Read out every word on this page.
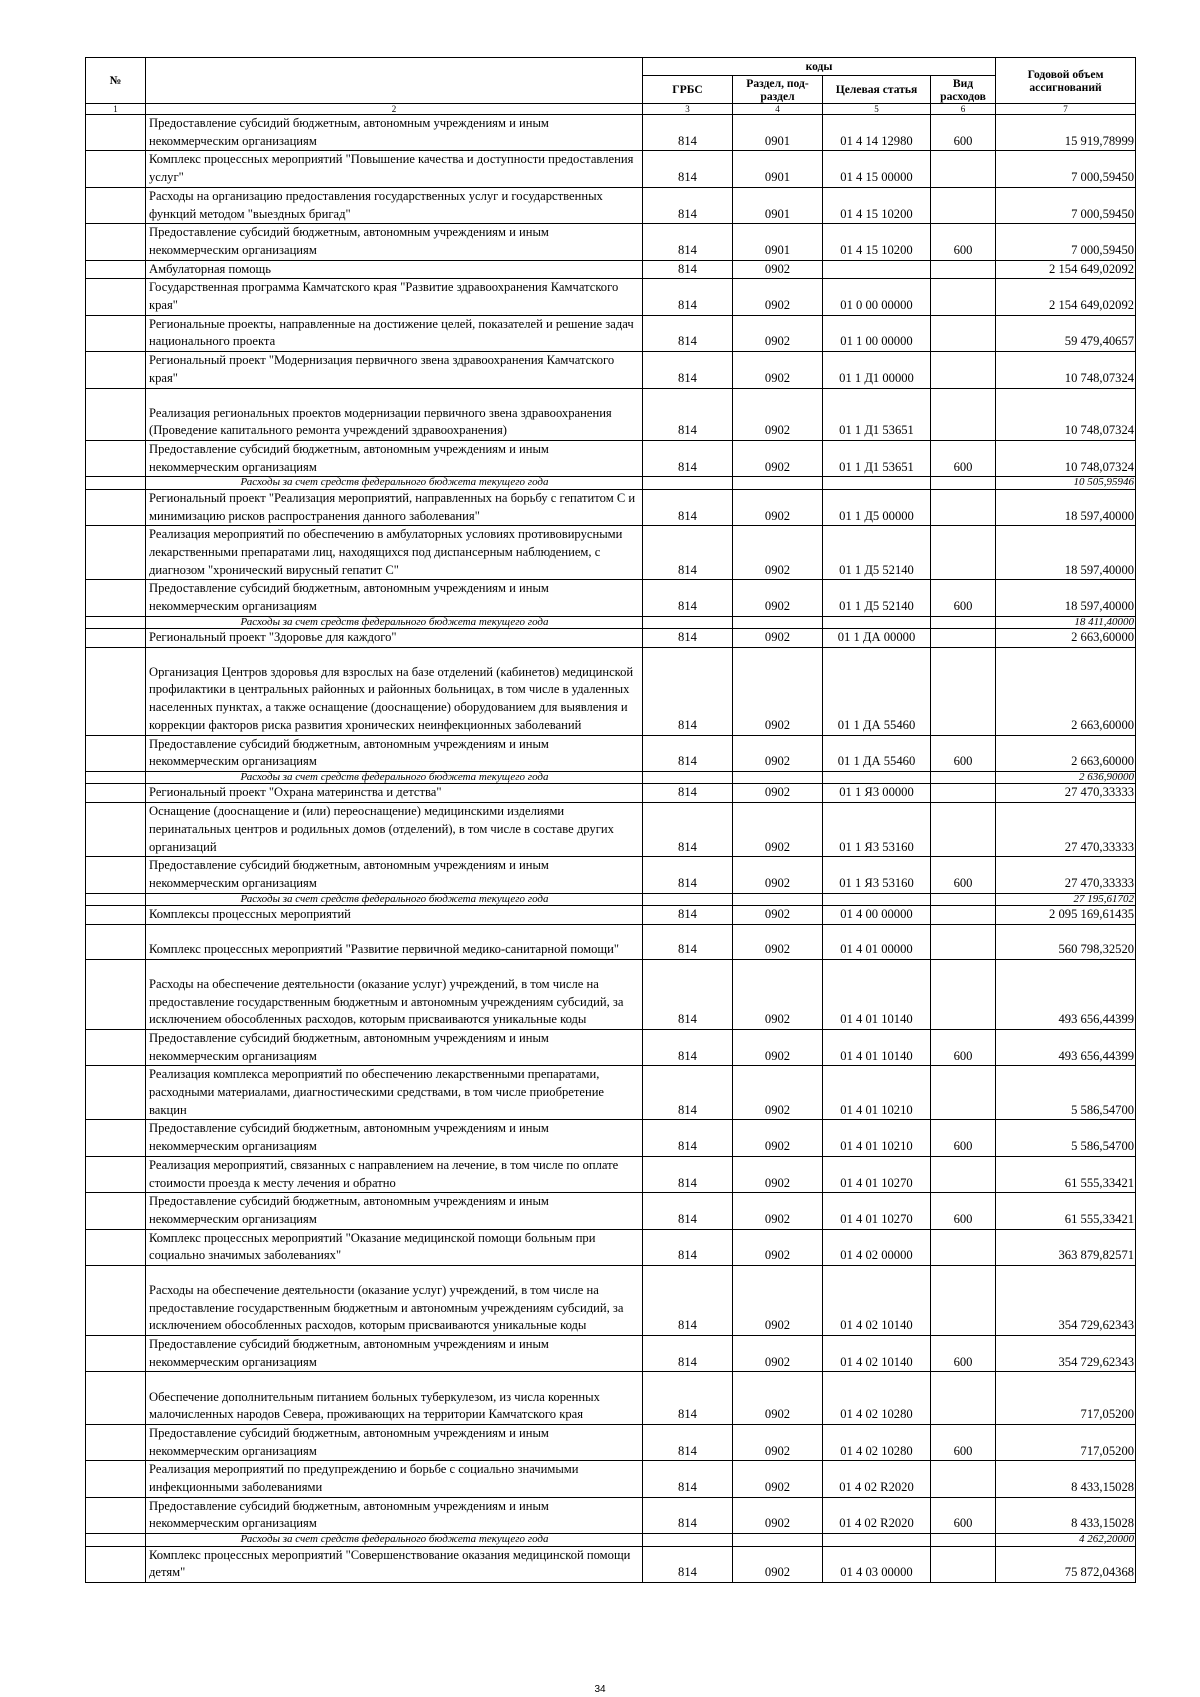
№		коды				Годовой объем ассигнований
		ГРБС	Раздел, под-раздел	Целевая статья	Вид расходов	
1	2	3	4	5	6	7
	Предоставление субсидий бюджетным, автономным учреждениям и иным некоммерческим организациям	814	0901	01 4 14 12980	600	15 919,78999
	Комплекс процессных мероприятий "Повышение качества и доступности предоставления услуг"	814	0901	01 4 15 00000		7 000,59450
	Расходы на организацию предоставления государственных услуг и государственных функций методом "выездных бригад"	814	0901	01 4 15 10200		7 000,59450
	Предоставление субсидий бюджетным, автономным учреждениям и иным некоммерческим организациям	814	0901	01 4 15 10200	600	7 000,59450
	Амбулаторная помощь	814	0902			2 154 649,02092
	Государственная программа Камчатского края "Развитие здравоохранения Камчатского края"	814	0902	01 0 00 00000		2 154 649,02092
	Региональные проекты, направленные на достижение целей, показателей и решение задач национального проекта	814	0902	01 1 00 00000		59 479,40657
	Региональный проект "Модернизация первичного звена здравоохранения Камчатского края"	814	0902	01 1 Д1 00000		10 748,07324
	Реализация региональных проектов модернизации первичного звена здравоохранения (Проведение капитального ремонта учреждений здравоохранения)	814	0902	01 1 Д1 53651		10 748,07324
	Предоставление субсидий бюджетным, автономным учреждениям и иным некоммерческим организациям	814	0902	01 1 Д1 53651	600	10 748,07324
	Расходы за счет средств федерального бюджета текущего года					10 505,95946
	Региональный проект "Реализация мероприятий, направленных на борьбу с гепатитом С и минимизацию рисков распространения данного заболевания"	814	0902	01 1 Д5 00000		18 597,40000
	Реализация мероприятий по обеспечению в амбулаторных условиях противовирусными лекарственными препаратами лиц, находящихся под диспансерным наблюдением, с диагнозом "хронический вирусный гепатит С"	814	0902	01 1 Д5 52140		18 597,40000
	Предоставление субсидий бюджетным, автономным учреждениям и иным некоммерческим организациям	814	0902	01 1 Д5 52140	600	18 597,40000
	Расходы за счет средств федерального бюджета текущего года					18 411,40000
	Региональный проект "Здоровье для каждого"	814	0902	01 1 ДА 00000		2 663,60000
	Организация Центров здоровья для взрослых на базе отделений (кабинетов) медицинской профилактики в центральных районных и районных больницах, в том числе в удаленных населенных пунктах, а также оснащение (дооснащение) оборудованием для выявления и коррекции факторов риска развития хронических неинфекционных заболеваний	814	0902	01 1 ДА 55460		2 663,60000
	Предоставление субсидий бюджетным, автономным учреждениям и иным некоммерческим организациям	814	0902	01 1 ДА 55460	600	2 663,60000
	Расходы за счет средств федерального бюджета текущего года					2 636,90000
	Региональный проект "Охрана материнства и детства"	814	0902	01 1 Я3 00000		27 470,33333
	Оснащение (дооснащение и (или) переоснащение) медицинскими изделиями перинатальных центров и родильных домов (отделений), в том числе в составе других организаций	814	0902	01 1 Я3 53160		27 470,33333
	Предоставление субсидий бюджетным, автономным учреждениям и иным некоммерческим организациям	814	0902	01 1 Я3 53160	600	27 470,33333
	Расходы за счет средств федерального бюджета текущего года					27 195,61702
	Комплексы процессных мероприятий	814	0902	01 4 00 00000		2 095 169,61435
	Комплекс процессных мероприятий "Развитие первичной медико-санитарной помощи"	814	0902	01 4 01 00000		560 798,32520
	Расходы на обеспечение деятельности (оказание услуг) учреждений, в том числе на предоставление государственным бюджетным и автономным учреждениям субсидий, за исключением обособленных расходов, которым присваиваются уникальные коды	814	0902	01 4 01 10140		493 656,44399
	Предоставление субсидий бюджетным, автономным учреждениям и иным некоммерческим организациям	814	0902	01 4 01 10140	600	493 656,44399
	Реализация комплекса мероприятий по обеспечению лекарственными препаратами, расходными материалами, диагностическими средствами, в том числе приобретение вакцин	814	0902	01 4 01 10210		5 586,54700
	Предоставление субсидий бюджетным, автономным учреждениям и иным некоммерческим организациям	814	0902	01 4 01 10210	600	5 586,54700
	Реализация мероприятий, связанных с направлением на лечение, в том числе по оплате стоимости проезда к месту лечения и обратно	814	0902	01 4 01 10270		61 555,33421
	Предоставление субсидий бюджетным, автономным учреждениям и иным некоммерческим организациям	814	0902	01 4 01 10270	600	61 555,33421
	Комплекс процессных мероприятий "Оказание медицинской помощи больным при социально значимых заболеваниях"	814	0902	01 4 02 00000		363 879,82571
	Расходы на обеспечение деятельности (оказание услуг) учреждений, в том числе на предоставление государственным бюджетным и автономным учреждениям субсидий, за исключением обособленных расходов, которым присваиваются уникальные коды	814	0902	01 4 02 10140		354 729,62343
	Предоставление субсидий бюджетным, автономным учреждениям и иным некоммерческим организациям	814	0902	01 4 02 10140	600	354 729,62343
	Обеспечение дополнительным питанием больных туберкулезом, из числа коренных малочисленных народов Севера, проживающих на территории Камчатского края	814	0902	01 4 02 10280		717,05200
	Предоставление субсидий бюджетным, автономным учреждениям и иным некоммерческим организациям	814	0902	01 4 02 10280	600	717,05200
	Реализация мероприятий по предупреждению и борьбе с социально значимыми инфекционными заболеваниями	814	0902	01 4 02 R2020		8 433,15028
	Предоставление субсидий бюджетным, автономным учреждениям и иным некоммерческим организациям	814	0902	01 4 02 R2020	600	8 433,15028
	Расходы за счет средств федерального бюджета текущего года					4 262,20000
	Комплекс процессных мероприятий "Совершенствование оказания медицинской помощи детям"	814	0902	01 4 03 00000		75 872,04368
34
